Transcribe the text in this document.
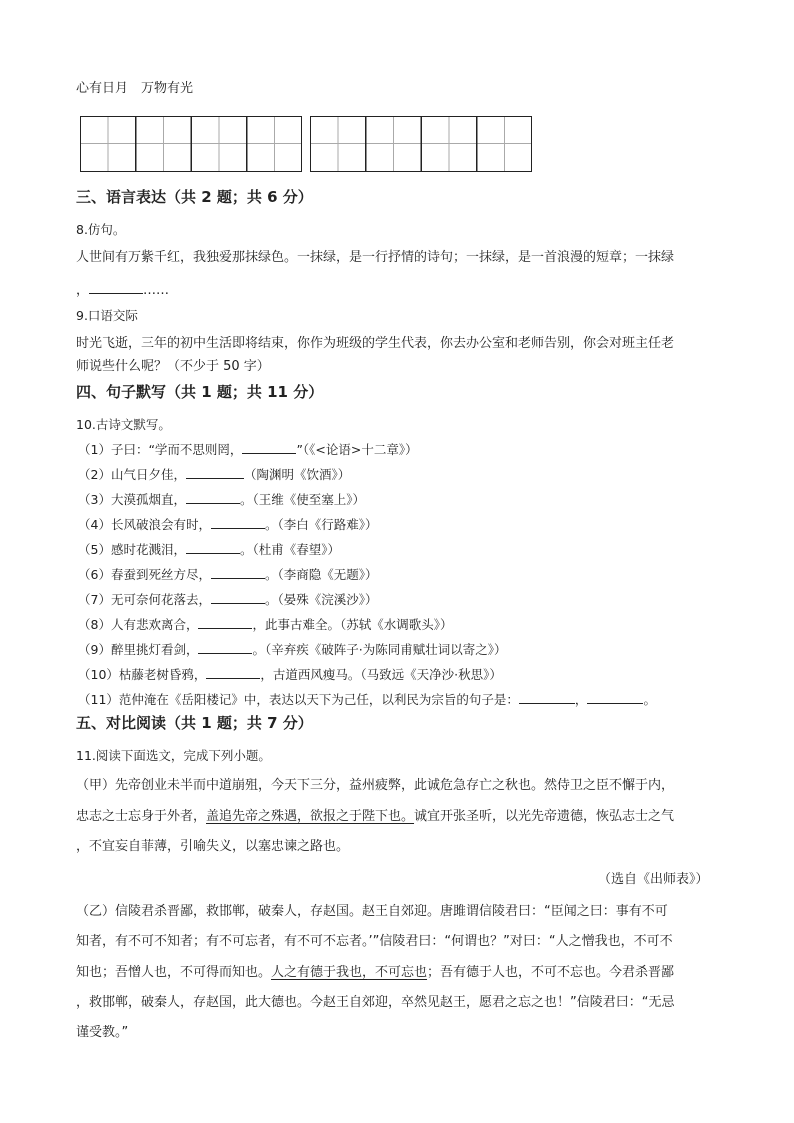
心有日月　万物有光
三、语言表达（共 2 题；共 6 分）
8.仿句。
人世间有万紫千红，我独爱那抹绿色。一抹绿，是一行抒情的诗句；一抹绿，是一首浪漫的短章；一抹绿
，	……
9.口语交际
时光飞逝，三年的初中生活即将结束，你作为班级的学生代表，你去办公室和老师告别，你会对班主任老
师说些什么呢？（不少于 50 字）
四、句子默写（共 1 题；共 11 分）
10.古诗文默写。
（1）子曰：“学而不思则罔，	”（《<论语>十二章》）
（2）山气日夕佳，	（陶渊明《饮酒》）
（3）大漠孤烟直，	。（王维《使至塞上》）
（4）长风破浪会有时，	。（李白《行路难》）
（5）感时花溅泪，	。（杜甫《春望》）
（6）春蚕到死丝方尽，	。（李商隐《无题》）
（7）无可奈何花落去，	。（晏殊《浣溪沙》）
（8）人有悲欢离合，	，此事古难全。（苏轼《水调歌头》）
（9）醉里挑灯看剑，	。（辛弃疾《破阵子·为陈同甫赋壮词以寄之》）
（10）枯藤老树昏鸦，	，古道西风瘦马。（马致远《天净沙·秋思》）
（11）范仲淹在《岳阳楼记》中，表达以天下为己任，以利民为宗旨的句子是：	，	。
五、对比阅读（共 1 题；共 7 分）
11.阅读下面选文，完成下列小题。
（甲）先帝创业未半而中道崩殂，今天下三分，益州疲弊，此诚危急存亡之秋也。然侍卫之臣不懈于内，
忠志之士忘身于外者，盖追先帝之殊遇，欲报之于陛下也。诚宜开张圣听，以光先帝遗德，恢弘志士之气
，不宜妄自菲薄，引喻失义，以塞忠谏之路也。
（选自《出师表》）
（乙）信陵君杀晋鄙，救邯郸，破秦人，存赵国。赵王自郊迎。唐雎谓信陵君曰：“臣闻之曰：事有不可
知者，有不可不知者；有不可忘者，有不可不忘者。’”信陵君曰：“何谓也？”对曰：“人之憎我也，不可不
知也；吾憎人也，不可得而知也。人之有德于我也，不可忘也；吾有德于人也，不可不忘也。今君杀晋鄙
，救邯郸，破秦人，存赵国，此大德也。今赵王自郊迎，卒然见赵王，愿君之忘之也！”信陵君曰：“无忌
谨受教。”
